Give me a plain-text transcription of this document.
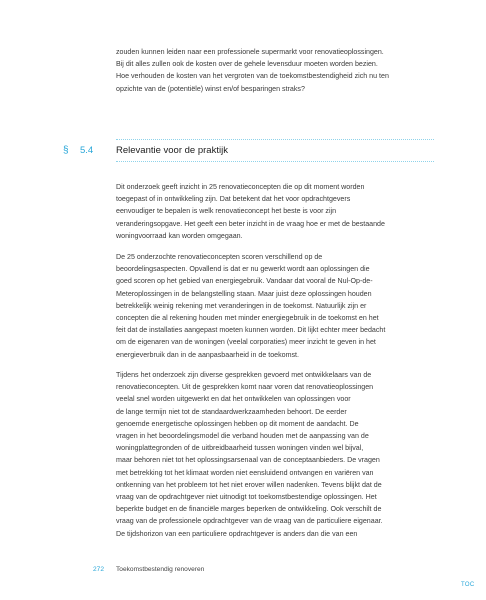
zouden kunnen leiden naar een professionele supermarkt voor renovatieoplossingen.
Bij dit alles zullen ook de kosten over de gehele levensduur moeten worden bezien.
Hoe verhouden de kosten van het vergroten van de toekomstbestendigheid zich nu ten
opzichte van de (potentiële) winst en/of besparingen straks?

§ 5.4 Relevantie voor de praktijk

Dit onderzoek geeft inzicht in 25 renovatieconcepten die op dit moment worden
toegepast of in ontwikkeling zijn. Dat betekent dat het voor opdrachtgevers
eenvoudiger te bepalen is welk renovatieconcept het beste is voor zijn
veranderingsopgave. Het geeft een beter inzicht in de vraag hoe er met de bestaande
woningvoorraad kan worden omgegaan.

De 25 onderzochte renovatieconcepten scoren verschillend op de
beoordelingsaspecten. Opvallend is dat er nu gewerkt wordt aan oplossingen die
goed scoren op het gebied van energiegebruik. Vandaar dat vooral de Nul-Op-de-
Meteroplossingen in de belangstelling staan. Maar juist deze oplossingen houden
betrekkelijk weinig rekening met veranderingen in de toekomst. Natuurlijk zijn er
concepten die al rekening houden met minder energiegebruik in de toekomst en het
feit dat de installaties aangepast moeten kunnen worden. Dit lijkt echter meer bedacht
om de eigenaren van de woningen (veelal corporaties) meer inzicht te geven in het
energieverbruik dan in de aanpasbaarheid in de toekomst.

Tijdens het onderzoek zijn diverse gesprekken gevoerd met ontwikkelaars van de
renovatieconcepten. Uit de gesprekken komt naar voren dat renovatieoplossingen
veelal snel worden uitgewerkt en dat het ontwikkelen van oplossingen voor
de lange termijn niet tot de standaardwerkzaamheden behoort. De eerder
genoemde energetische oplossingen hebben op dit moment de aandacht. De
vragen in het beoordelingsmodel die verband houden met de aanpassing van de
woningplattegronden of de uitbreidbaarheid tussen woningen vinden wel bijval,
maar behoren niet tot het oplossingsarsenaal van de conceptaanbieders. De vragen
met betrekking tot het klimaat worden niet eensluidend ontvangen en variëren van
ontkenning van het probleem tot het niet erover willen nadenken. Tevens blijkt dat de
vraag van de opdrachtgever niet uitnodigt tot toekomstbestendige oplossingen. Het
beperkte budget en de financiële marges beperken de ontwikkeling. Ook verschilt de
vraag van de professionele opdrachtgever van de vraag van de particuliere eigenaar.
De tijdshorizon van een particuliere opdrachtgever is anders dan die van een

272 Toekomstbestendig renoveren
TOC
